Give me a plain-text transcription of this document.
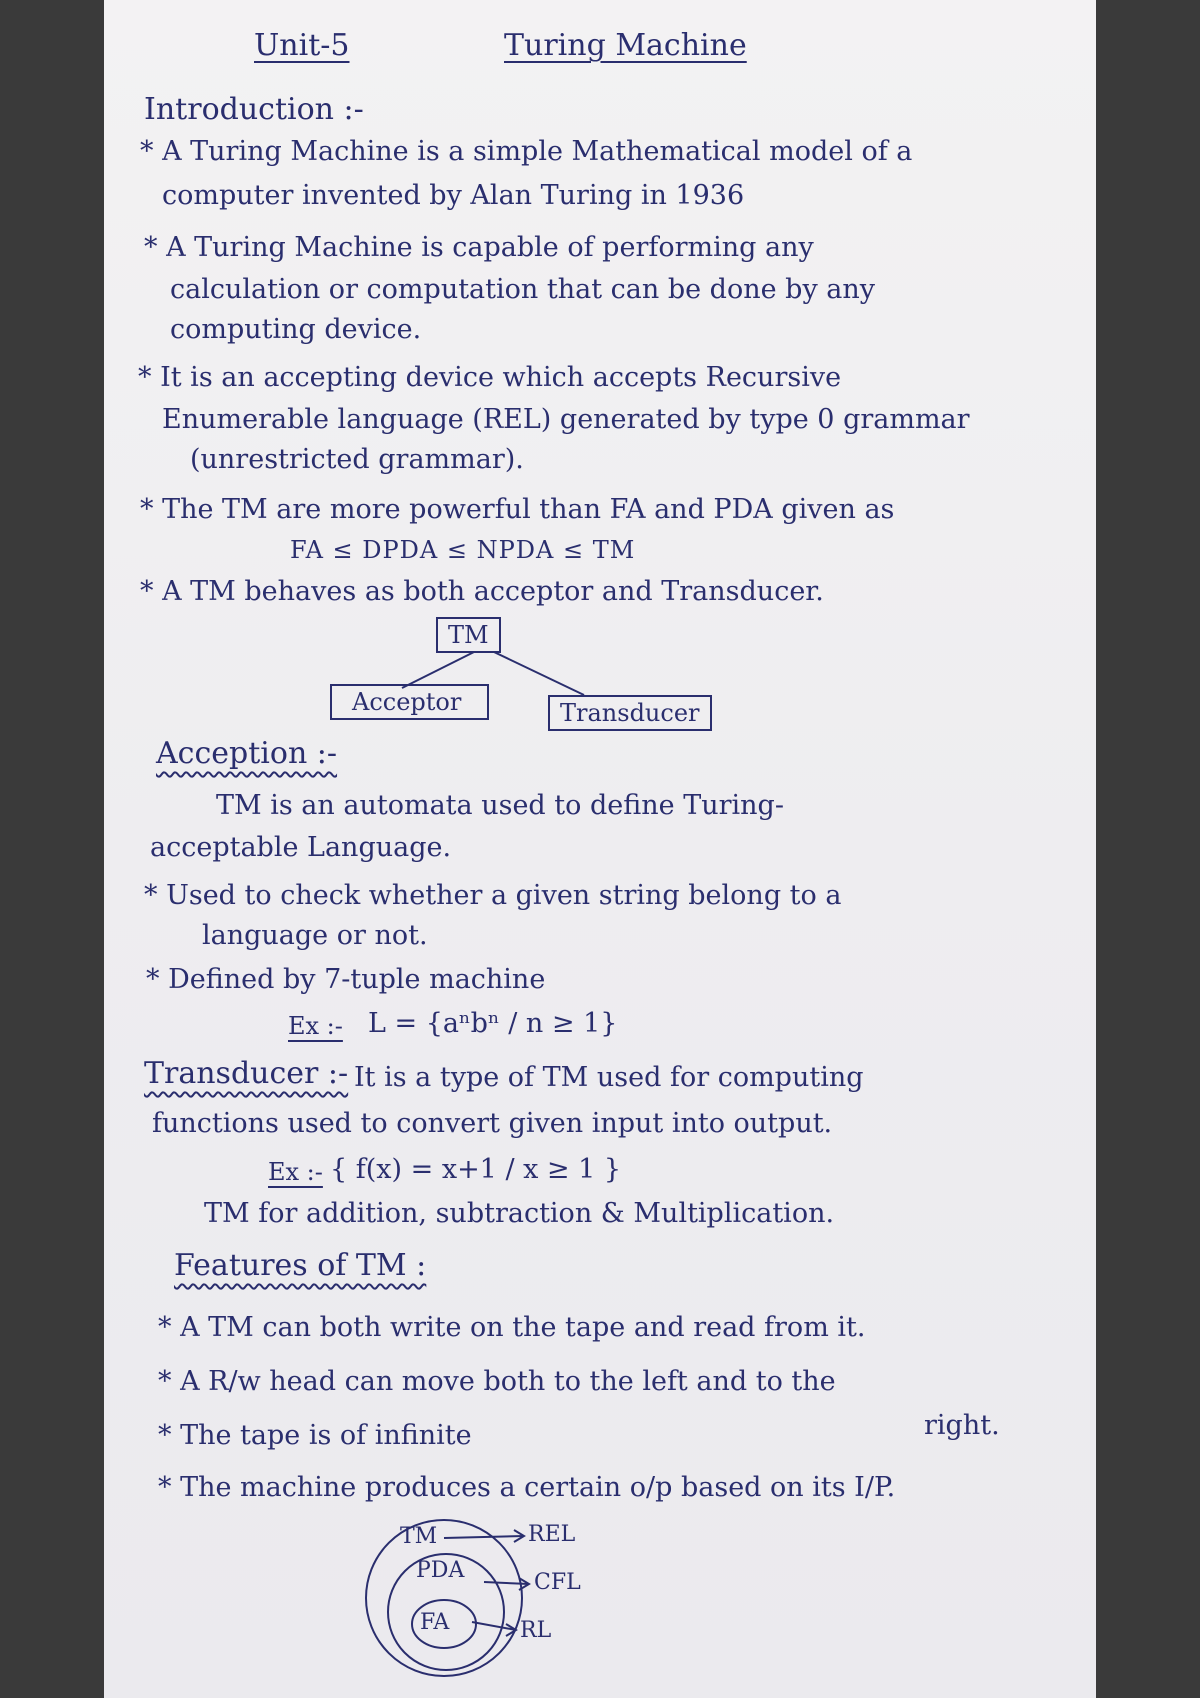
Unit-5	Turing Machine
Introduction :-
* A Turing Machine is a simple Mathematical model of a
computer invented by Alan Turing in 1936
* A Turing Machine is capable of performing any
calculation or computation that can be done by any
computing device.
* It is an accepting device which accepts Recursive
Enumerable language (REL) generated by type 0 grammar
(unrestricted grammar).
* The TM are more powerful than FA and PDA given as
FA ≤ DPDA ≤ NPDA ≤ TM
* A TM behaves as both acceptor and Transducer.
TM
Acceptor	Transducer
Acception :-
TM is an automata used to define Turing-
acceptable Language.
* Used to check whether a given string belong to a
language or not.
* Defined by 7-tuple machine
Ex :- L = {aⁿbⁿ / n ≥ 1}
Transducer :- It is a type of TM used for computing
functions used to convert given input into output.
Ex :- { f(x) = x+1 / x ≥ 1 }
TM for addition, subtraction & Multiplication.
Features of TM :
* A TM can both write on the tape and read from it.
* A R/w head can move both to the left and to the
right.
* The tape is of infinite
* The machine produces a certain o/p based on its I/P.
TM
PDA
FA
REL
CFL
RL
